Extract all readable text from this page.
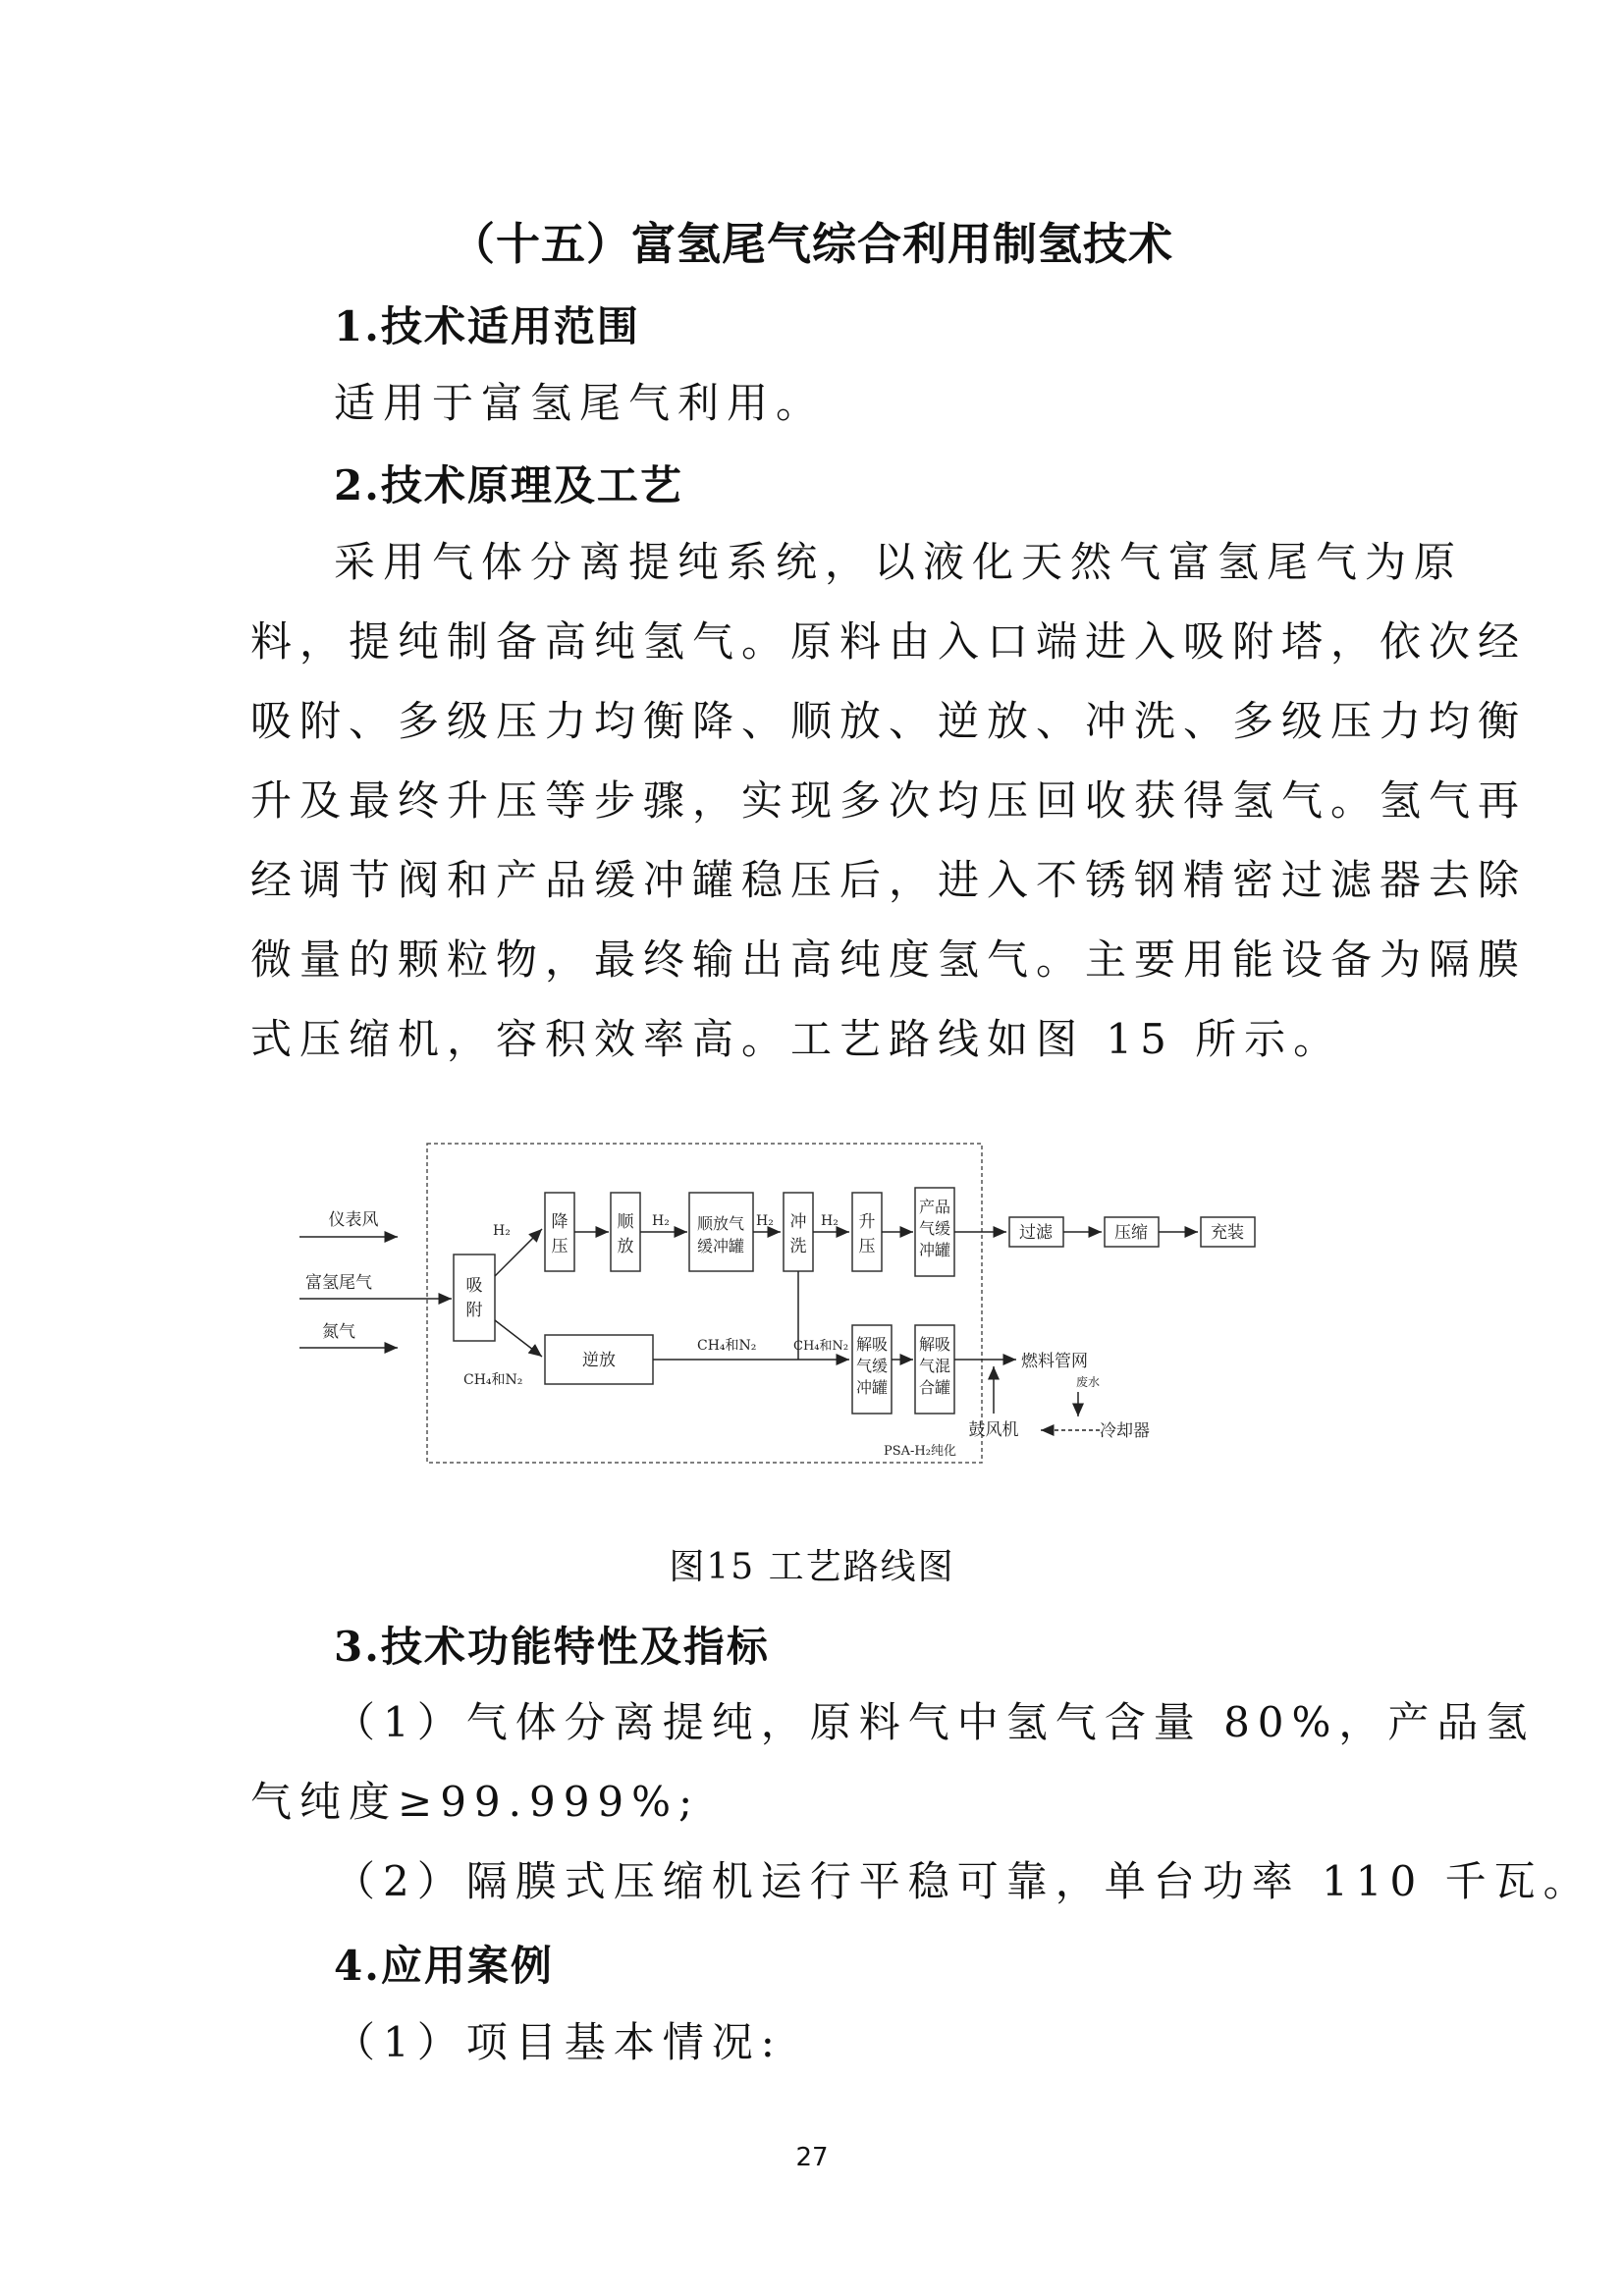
（十五）富氢尾气综合利用制氢技术
1.技术适用范围
适用于富氢尾气利用。
2.技术原理及工艺
采用气体分离提纯系统，以液化天然气富氢尾气为原
料，提纯制备高纯氢气。原料由入口端进入吸附塔，依次经
吸附、多级压力均衡降、顺放、逆放、冲洗、多级压力均衡
升及最终升压等步骤，实现多次均压回收获得氢气。氢气再
经调节阀和产品缓冲罐稳压后，进入不锈钢精密过滤器去除
微量的颗粒物，最终输出高纯度氢气。主要用能设备为隔膜
式压缩机，容积效率高。工艺路线如图 15 所示。
仪表风
富氢尾气
氮气
吸
附
H₂
CH₄和N₂
降
压
顺
放
H₂ 顺放气
缓冲罐
H₂ 冲
洗
H₂ 升
压
产品
气缓
冲罐
过滤	压缩	充装
逆放
CH₄和N₂	CH₄和N₂ 解吸
气缓
冲罐
解吸
气混
合罐
燃料管网
废水
鼓风机	冷却器
PSA-H₂纯化
图15 工艺路线图
3.技术功能特性及指标
（1）气体分离提纯，原料气中氢气含量 80%，产品氢
气纯度≥99.999%;
（2）隔膜式压缩机运行平稳可靠，单台功率 110 千瓦。
4.应用案例
（1）项目基本情况:
27
